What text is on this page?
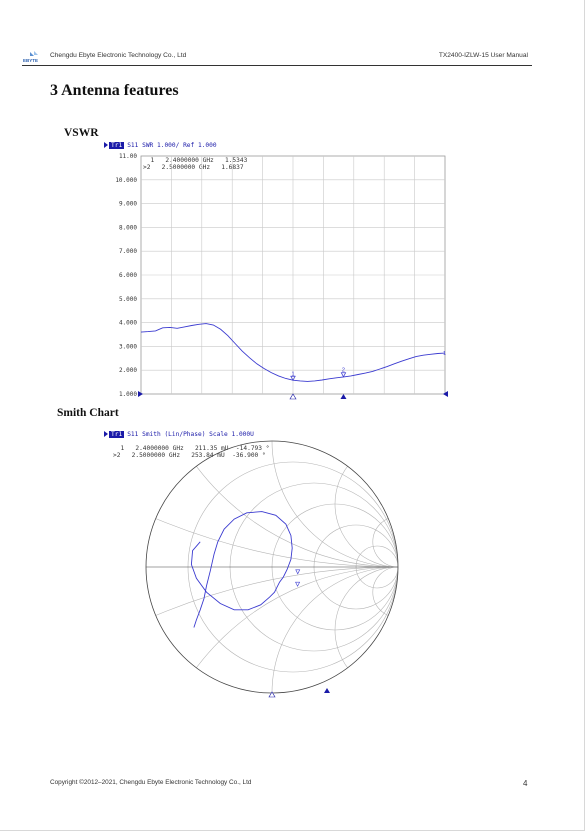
EBYTE
Chengdu Ebyte Electronic Technology Co., Ltd	TX2400-IZLW-15 User Manual
3 Antenna features
VSWR
Tr1 S11 SWR 1.000/ Ref 1.000
1   2.4000000 GHz   1.5343
>2   2.5000000 GHz   1.6837
11.00
10.000
9.000
8.000
7.000
6.000
5.000
4.000
3.000
2.000
1.000
1
2
1
Smith Chart
Tr1 S11 Smith (Lin/Phase) Scale 1.000U
1   2.4000000 GHz   211.35 mU  -14.793 °
>2   2.5000000 GHz   253.84 mU  -36.900 °
Copyright ©2012–2021, Chengdu Ebyte Electronic Technology Co., Ltd	4
